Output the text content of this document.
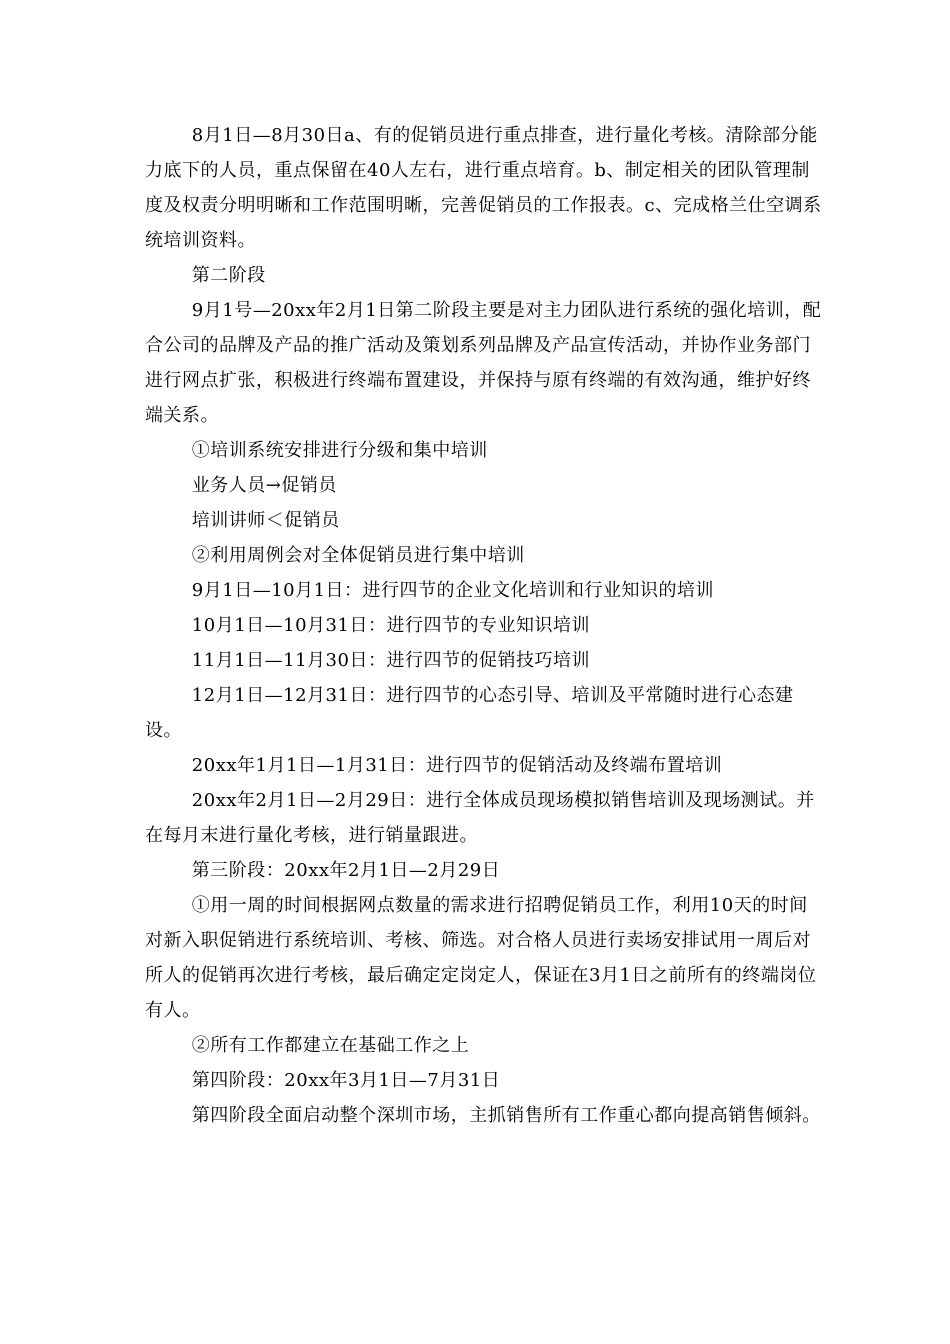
8月1日—8月30日a、有的促销员进行重点排查，进行量化考核。清除部分能力底下的人员，重点保留在40人左右，进行重点培育。b、制定相关的团队管理制度及权责分明明晰和工作范围明晰，完善促销员的工作报表。c、完成格兰仕空调系统培训资料。

第二阶段

9月1号—20xx年2月1日第二阶段主要是对主力团队进行系统的强化培训，配合公司的品牌及产品的推广活动及策划系列品牌及产品宣传活动，并协作业务部门进行网点扩张，积极进行终端布置建设，并保持与原有终端的有效沟通，维护好终端关系。

①培训系统安排进行分级和集中培训

业务人员→促销员

培训讲师＜促销员

②利用周例会对全体促销员进行集中培训

9月1日—10月1日：进行四节的企业文化培训和行业知识的培训

10月1日—10月31日：进行四节的专业知识培训

11月1日—11月30日：进行四节的促销技巧培训

12月1日—12月31日：进行四节的心态引导、培训及平常随时进行心态建设。

20xx年1月1日—1月31日：进行四节的促销活动及终端布置培训

20xx年2月1日—2月29日：进行全体成员现场模拟销售培训及现场测试。并在每月末进行量化考核，进行销量跟进。

第三阶段：20xx年2月1日—2月29日

①用一周的时间根据网点数量的需求进行招聘促销员工作，利用10天的时间对新入职促销进行系统培训、考核、筛选。对合格人员进行卖场安排试用一周后对所人的促销再次进行考核，最后确定定岗定人，保证在3月1日之前所有的终端岗位有人。

②所有工作都建立在基础工作之上

第四阶段：20xx年3月1日—7月31日

第四阶段全面启动整个深圳市场，主抓销售所有工作重心都向提高销售倾斜。
